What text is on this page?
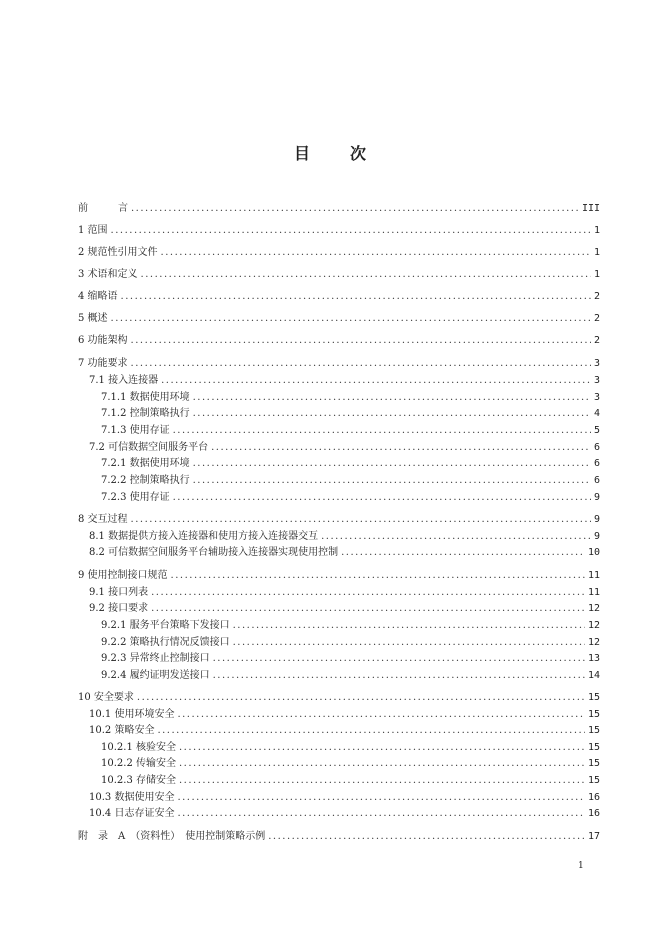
目 次
前　　　言 .....	III
1 范围 .....	1
2 规范性引用文件 .....	1
3 术语和定义 .....	1
4 缩略语 .....	2
5 概述 .....	2
6 功能架构 .....	2
7 功能要求 .....	3
7.1 接入连接器 .....	3
7.1.1 数据使用环境 .....	3
7.1.2 控制策略执行 .....	4
7.1.3 使用存证 .....	5
7.2 可信数据空间服务平台 .....	6
7.2.1 数据使用环境 .....	6
7.2.2 控制策略执行 .....	6
7.2.3 使用存证 .....	9
8 交互过程 .....	9
8.1 数据提供方接入连接器和使用方接入连接器交互 .....	9
8.2 可信数据空间服务平台辅助接入连接器实现使用控制 .....	10
9 使用控制接口规范 .....	11
9.1 接口列表 .....	11
9.2 接口要求 .....	12
9.2.1 服务平台策略下发接口 .....	12
9.2.2 策略执行情况反馈接口 .....	12
9.2.3 异常终止控制接口 .....	13
9.2.4 履约证明发送接口 .....	14
10 安全要求 .....	15
10.1 使用环境安全 .....	15
10.2 策略安全 .....	15
10.2.1 核验安全 .....	15
10.2.2 传输安全 .....	15
10.2.3 存储安全 .....	15
10.3 数据使用安全 .....	16
10.4 日志存证安全 .....	16
附　录　A　（资料性）　使用控制策略示例 .....	17
1
